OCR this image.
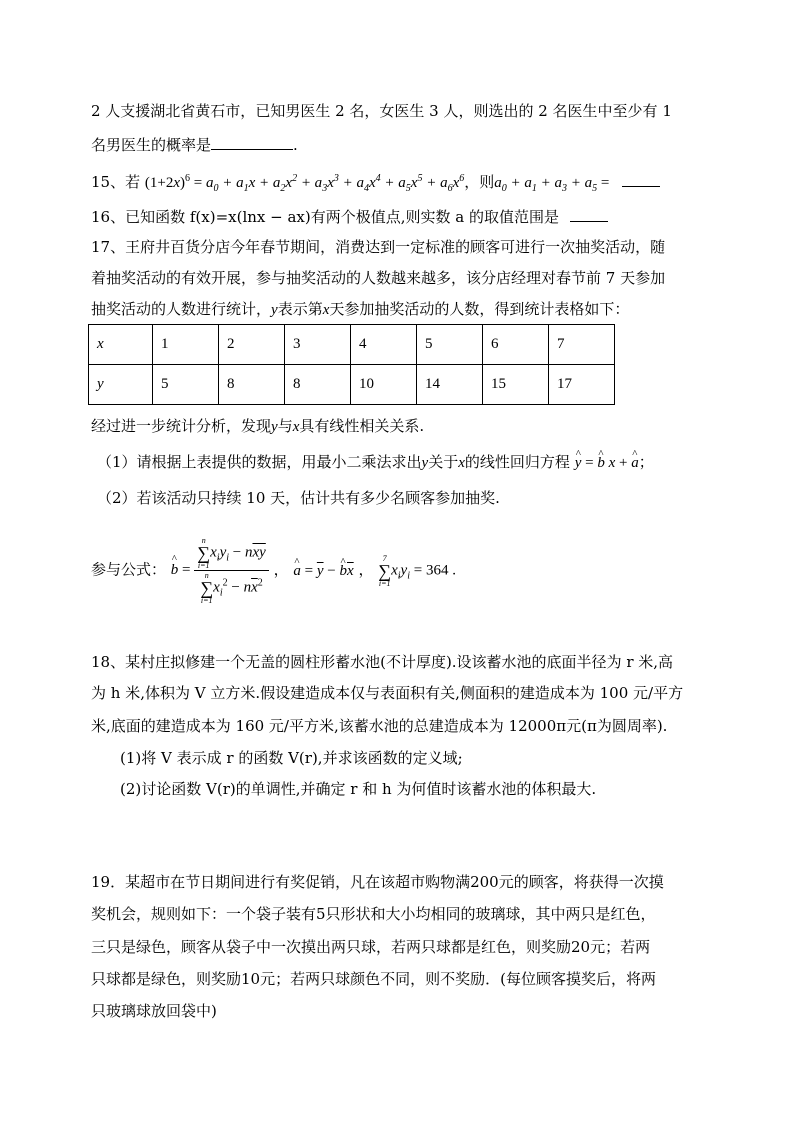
2 人支援湖北省黄石市，已知男医生 2 名，女医生 3 人，则选出的 2 名医生中至少有 1
名男医生的概率是	.
15、若 $(1+2x)^6 = a_0 + a_1x + a_2x^2 + a_3x^3 + a_4x^4 + a_5x^5 + a_6x^6$，则$a_0 + a_1 + a_3 + a_5$ =
16、已知函数 f(x)=x(lnx − ax)有两个极值点,则实数 a 的取值范围是
17、王府井百货分店今年春节期间，消费达到一定标准的顾客可进行一次抽奖活动，随
着抽奖活动的有效开展，参与抽奖活动的人数越来越多，该分店经理对春节前 7 天参加
抽奖活动的人数进行统计，y表示第x天参加抽奖活动的人数，得到统计表格如下：
x	1	2	3	4	5	6	7
y	5	8	8	10	14	15	17
经过进一步统计分析，发现y与x具有线性相关关系.
（1）请根据上表提供的数据，用最小二乘法求出y关于x的线性回归方程 ^ y = ^ b x + ^ a；
（2）若该活动只持续 10 天，估计共有多少名顾客参加抽奖.
参与公式： ^ b = n
∑
i=1
$x_iy_i - n\overline{xy}$
n
∑
i=1
$x_i^2 - n\overline{x}^2$ ， ^ $a = \overline{y}$ − ^ $b\overline{x}$ ，
7
∑
i=1
$x_iy_i = 364$ .
18、某村庄拟修建一个无盖的圆柱形蓄水池(不计厚度).设该蓄水池的底面半径为 r 米,高
为 h 米,体积为 V 立方米.假设建造成本仅与表面积有关,侧面积的建造成本为 100 元/平方
米,底面的建造成本为 160 元/平方米,该蓄水池的总建造成本为 12000π元(π为圆周率).
(1)将 V 表示成 r 的函数 V(r),并求该函数的定义域;
(2)讨论函数 V(r)的单调性,并确定 r 和 h 为何值时该蓄水池的体积最大.
19．某超市在节日期间进行有奖促销，凡在该超市购物满200元的顾客，将获得一次摸
奖机会，规则如下：一个袋子装有5只形状和大小均相同的玻璃球，其中两只是红色，
三只是绿色，顾客从袋子中一次摸出两只球，若两只球都是红色，则奖励20元；若两
只球都是绿色，则奖励10元；若两只球颜色不同，则不奖励．(每位顾客摸奖后，将两
只玻璃球放回袋中)
